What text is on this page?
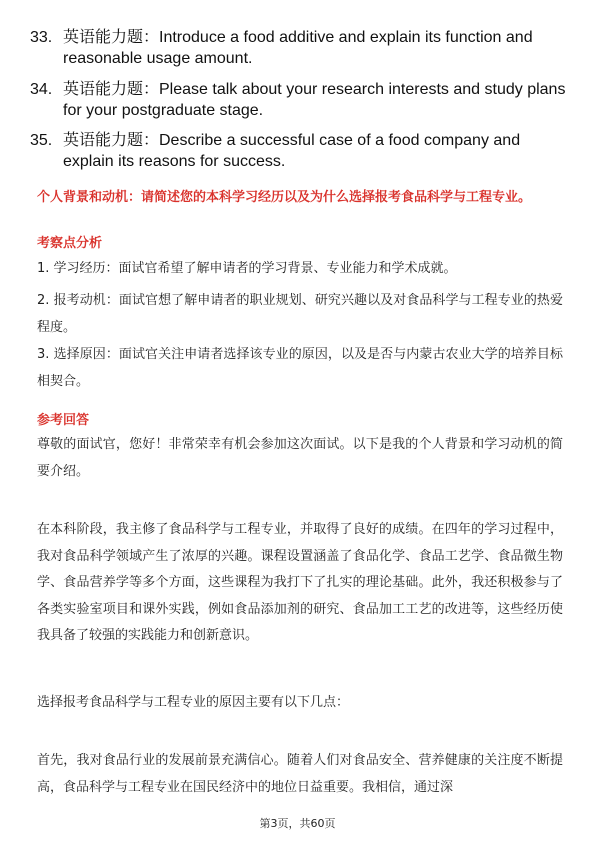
33. 英语能力题：Introduce a food additive and explain its function and reasonable usage amount.
34. 英语能力题：Please talk about your research interests and study plans for your postgraduate stage.
35. 英语能力题：Describe a successful case of a food company and explain its reasons for success.
个人背景和动机：请简述您的本科学习经历以及为什么选择报考食品科学与工程专业。
考察点分析
1. 学习经历：面试官希望了解申请者的学习背景、专业能力和学术成就。
2. 报考动机：面试官想了解申请者的职业规划、研究兴趣以及对食品科学与工程专业的热爱程度。
3. 选择原因：面试官关注申请者选择该专业的原因，以及是否与内蒙古农业大学的培养目标相契合。
参考回答
尊敬的面试官，您好！非常荣幸有机会参加这次面试。以下是我的个人背景和学习动机的简要介绍。
在本科阶段，我主修了食品科学与工程专业，并取得了良好的成绩。在四年的学习过程中，我对食品科学领域产生了浓厚的兴趣。课程设置涵盖了食品化学、食品工艺学、食品微生物学、食品营养学等多个方面，这些课程为我打下了扎实的理论基础。此外，我还积极参与了各类实验室项目和课外实践，例如食品添加剂的研究、食品加工工艺的改进等，这些经历使我具备了较强的实践能力和创新意识。
选择报考食品科学与工程专业的原因主要有以下几点：
首先，我对食品行业的发展前景充满信心。随着人们对食品安全、营养健康的关注度不断提高，食品科学与工程专业在国民经济中的地位日益重要。我相信，通过深
第3页，共60页
